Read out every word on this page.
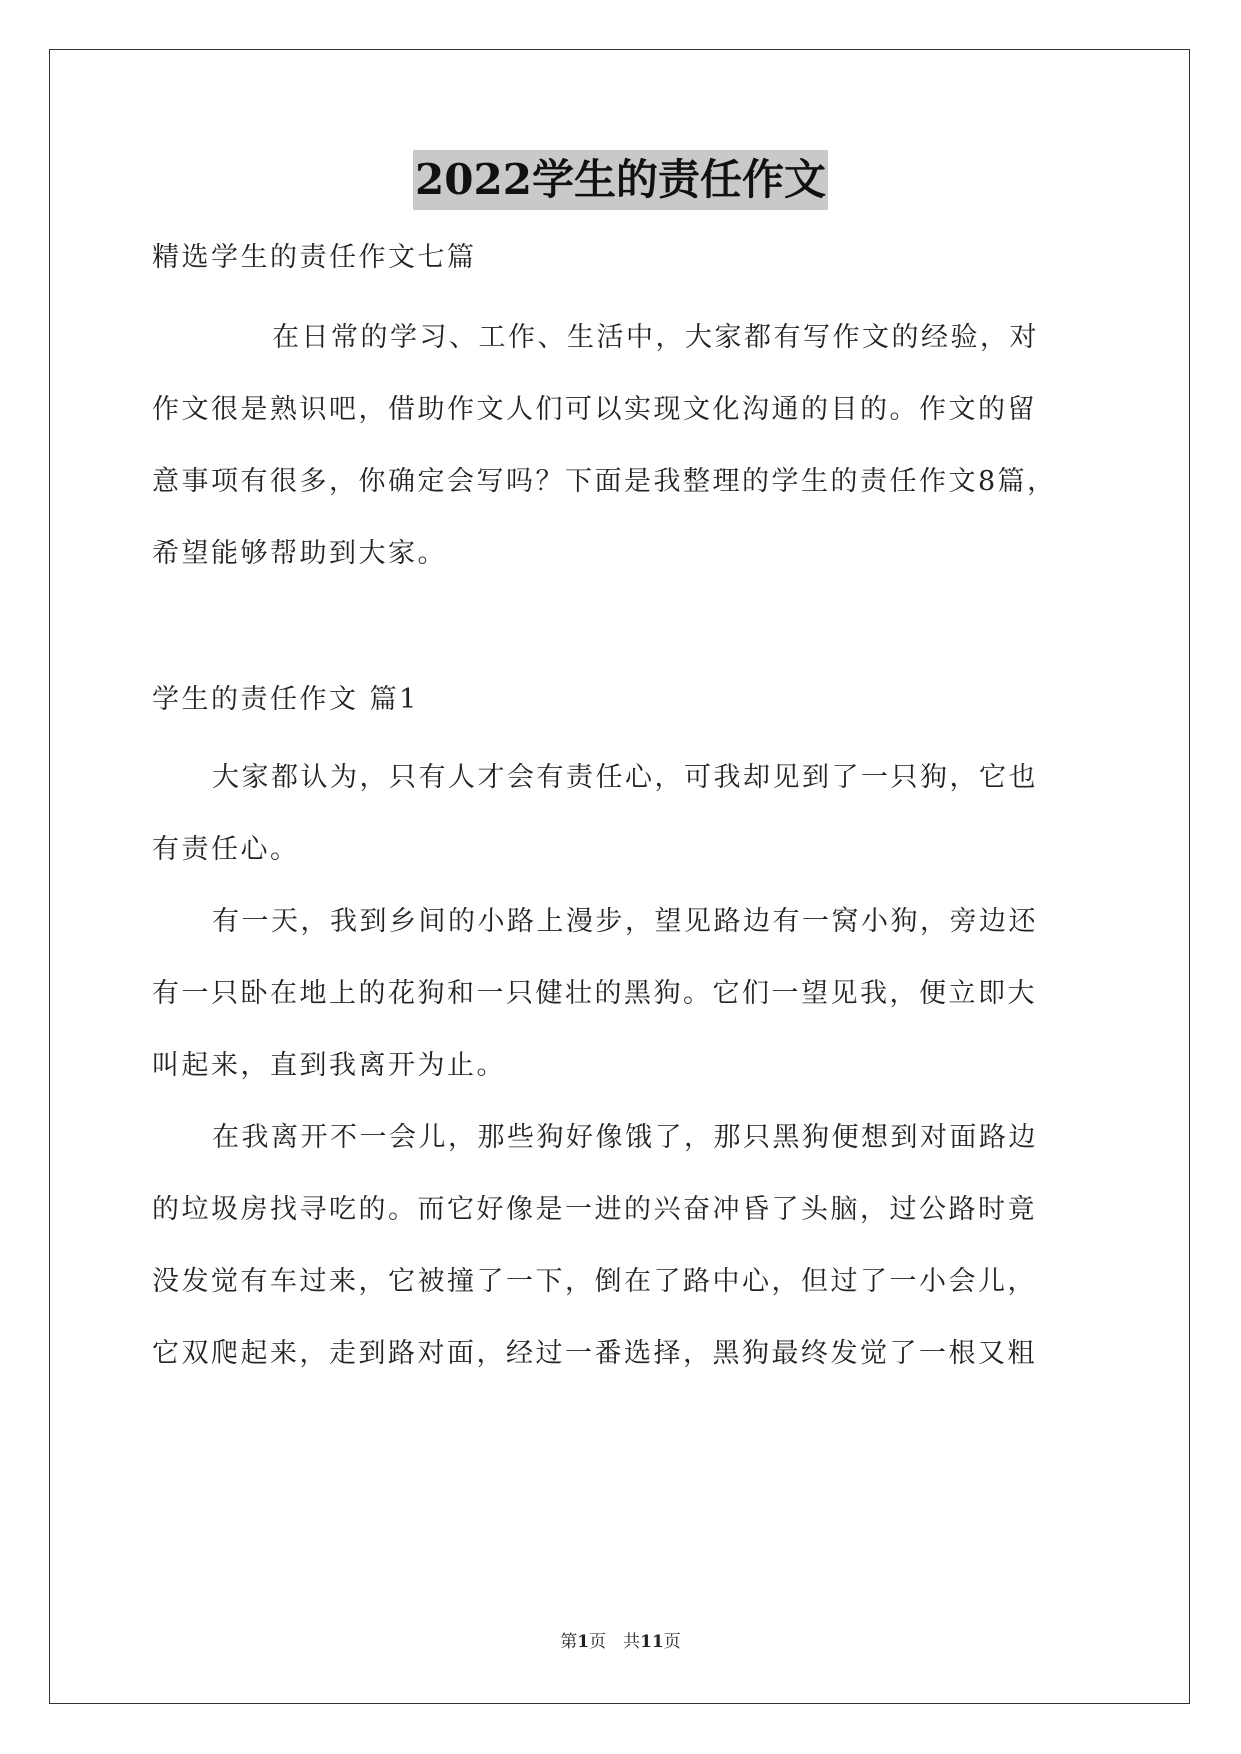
2022学生的责任作文
精选学生的责任作文七篇
在日常的学习、工作、生活中，大家都有写作文的经验，对
作文很是熟识吧，借助作文人们可以实现文化沟通的目的。作文的留
意事项有很多，你确定会写吗？下面是我整理的学生的责任作文8篇，
希望能够帮助到大家。
学生的责任作文 篇1
大家都认为，只有人才会有责任心，可我却见到了一只狗，它也
有责任心。
有一天，我到乡间的小路上漫步，望见路边有一窝小狗，旁边还
有一只卧在地上的花狗和一只健壮的黑狗。它们一望见我，便立即大
叫起来，直到我离开为止。
在我离开不一会儿，那些狗好像饿了，那只黑狗便想到对面路边
的垃圾房找寻吃的。而它好像是一进的兴奋冲昏了头脑，过公路时竟
没发觉有车过来，它被撞了一下，倒在了路中心，但过了一小会儿，
它双爬起来，走到路对面，经过一番选择，黑狗最终发觉了一根又粗
第1页　共11页
